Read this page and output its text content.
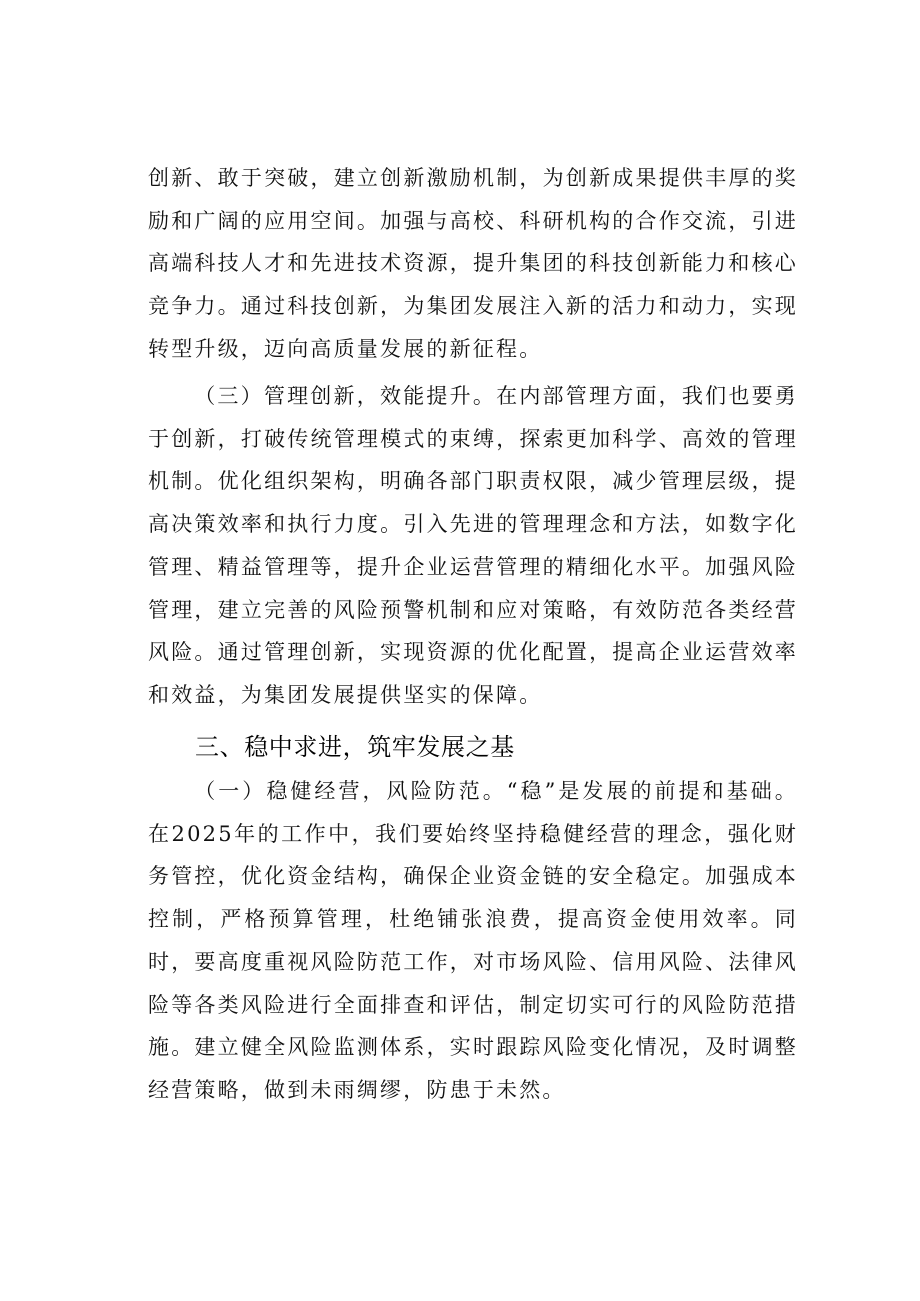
创新、敢于突破，建立创新激励机制，为创新成果提供丰厚的奖励和广阔的应用空间。加强与高校、科研机构的合作交流，引进高端科技人才和先进技术资源，提升集团的科技创新能力和核心竞争力。通过科技创新，为集团发展注入新的活力和动力，实现转型升级，迈向高质量发展的新征程。

（三）管理创新，效能提升。在内部管理方面，我们也要勇于创新，打破传统管理模式的束缚，探索更加科学、高效的管理机制。优化组织架构，明确各部门职责权限，减少管理层级，提高决策效率和执行力度。引入先进的管理理念和方法，如数字化管理、精益管理等，提升企业运营管理的精细化水平。加强风险管理，建立完善的风险预警机制和应对策略，有效防范各类经营风险。通过管理创新，实现资源的优化配置，提高企业运营效率和效益，为集团发展提供坚实的保障。

三、稳中求进，筑牢发展之基

（一）稳健经营，风险防范。“稳”是发展的前提和基础。在2025年的工作中，我们要始终坚持稳健经营的理念，强化财务管控，优化资金结构，确保企业资金链的安全稳定。加强成本控制，严格预算管理，杜绝铺张浪费，提高资金使用效率。同时，要高度重视风险防范工作，对市场风险、信用风险、法律风险等各类风险进行全面排查和评估，制定切实可行的风险防范措施。建立健全风险监测体系，实时跟踪风险变化情况，及时调整经营策略，做到未雨绸缪，防患于未然。
